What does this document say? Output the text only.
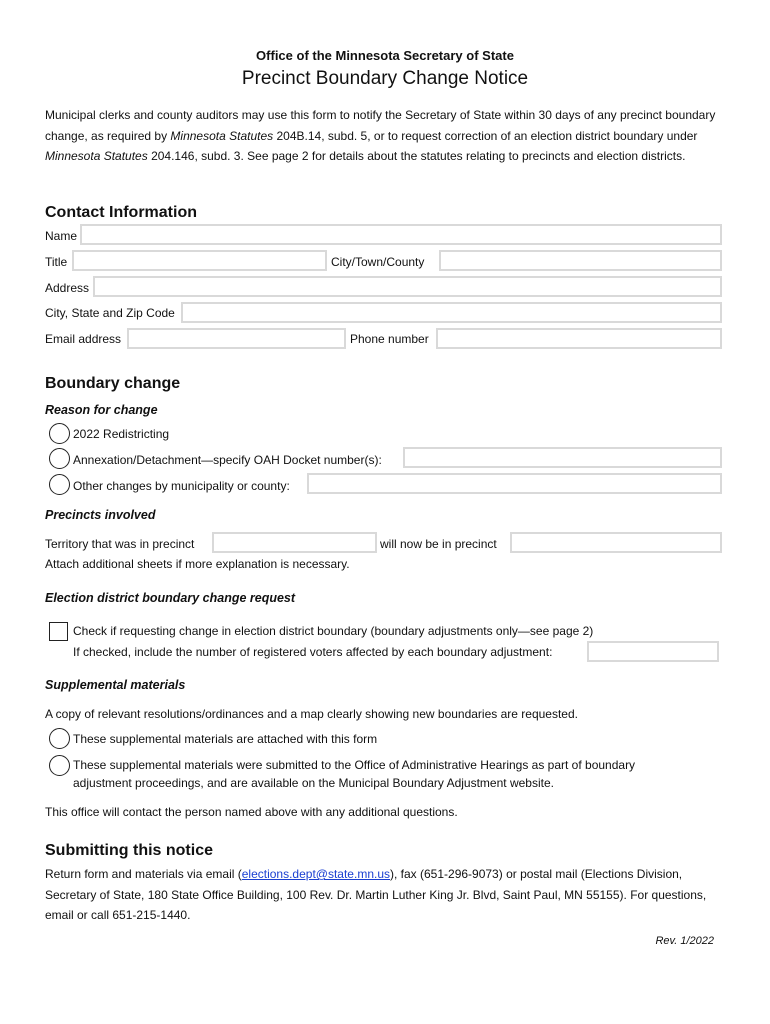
Office of the Minnesota Secretary of State
Precinct Boundary Change Notice
Municipal clerks and county auditors may use this form to notify the Secretary of State within 30 days of any precinct boundary change, as required by Minnesota Statutes 204B.14, subd. 5, or to request correction of an election district boundary under Minnesota Statutes 204.146, subd. 3. See page 2 for details about the statutes relating to precincts and election districts.
Contact Information
Name
Title	City/Town/County
Address
City, State and Zip Code
Email address	Phone number
Boundary change
Reason for change
2022 Redistricting
Annexation/Detachment—specify OAH Docket number(s):
Other changes by municipality or county:
Precincts involved
Territory that was in precinct	will now be in precinct
Attach additional sheets if more explanation is necessary.
Election district boundary change request
Check if requesting change in election district boundary (boundary adjustments only—see page 2)
If checked, include the number of registered voters affected by each boundary adjustment:
Supplemental materials
A copy of relevant resolutions/ordinances and a map clearly showing new boundaries are requested.
These supplemental materials are attached with this form
These supplemental materials were submitted to the Office of Administrative Hearings as part of boundary
adjustment proceedings, and are available on the Municipal Boundary Adjustment website.
This office will contact the person named above with any additional questions.
Submitting this notice
Return form and materials via email (elections.dept@state.mn.us), fax (651-296-9073) or postal mail (Elections Division, Secretary of State, 180 State Office Building, 100 Rev. Dr. Martin Luther King Jr. Blvd, Saint Paul, MN 55155). For questions, email or call 651-215-1440.
Rev. 1/2022
